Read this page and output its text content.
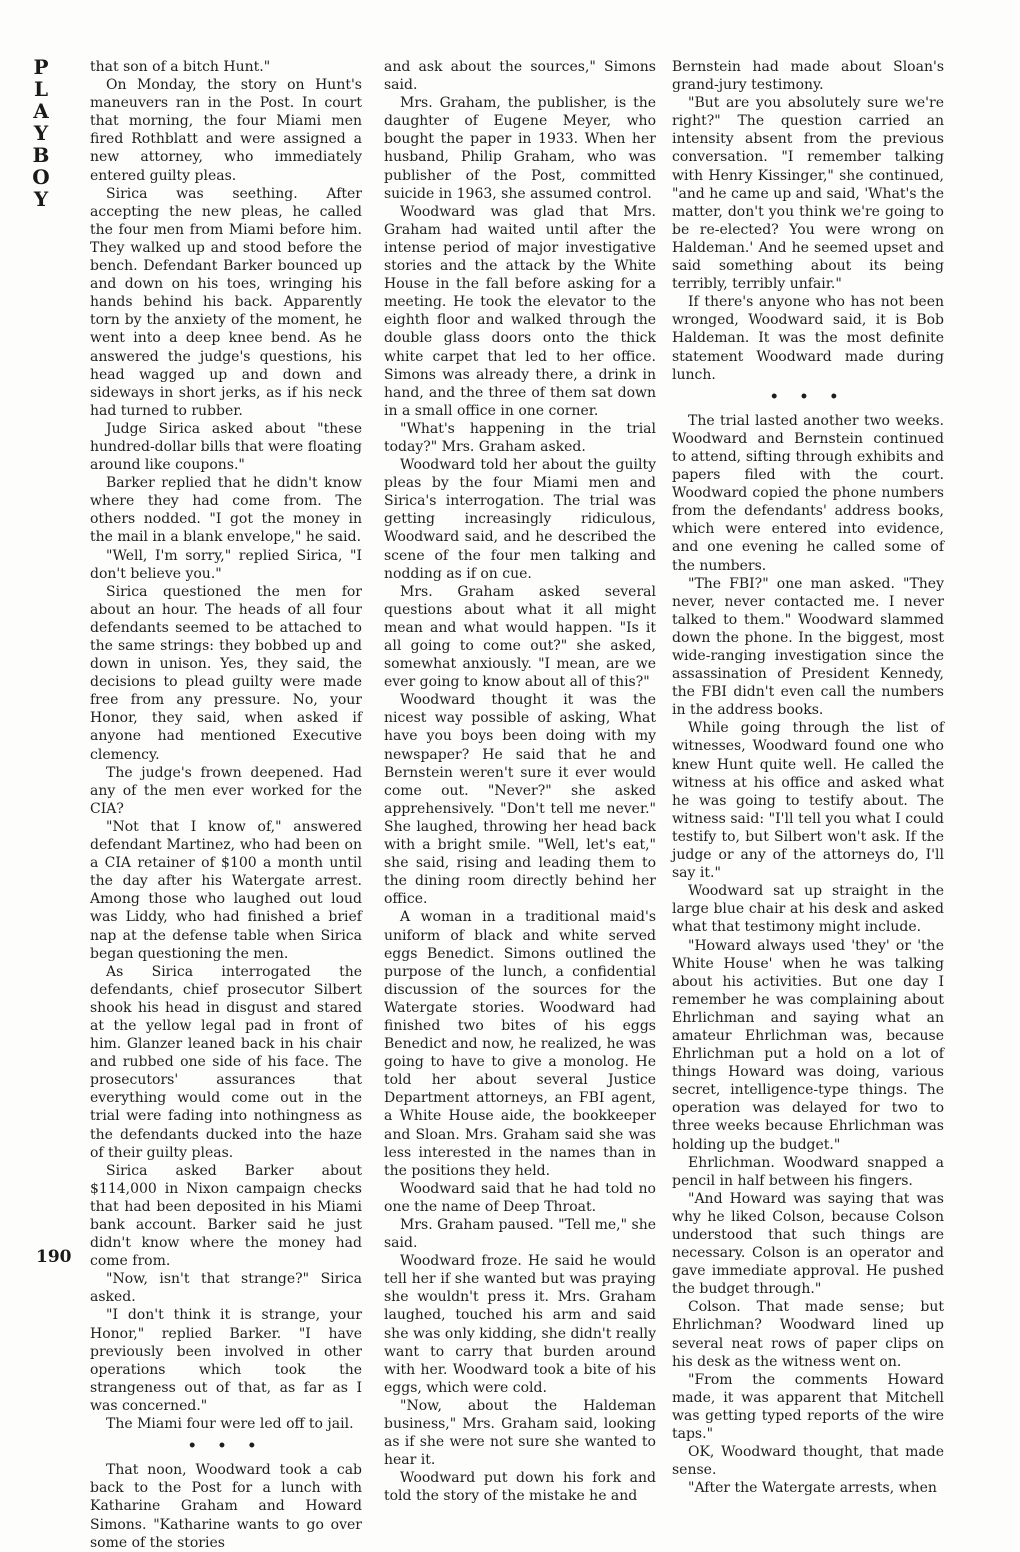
P
L
A
Y
B
O
Y

that son of a bitch Hunt."

On Monday, the story on Hunt's maneuvers ran in the Post. In court that morning, the four Miami men fired Rothblatt and were assigned a new attorney, who immediately entered guilty pleas.

Sirica was seething. After accepting the new pleas, he called the four men from Miami before him. They walked up and stood before the bench. Defendant Barker bounced up and down on his toes, wringing his hands behind his back. Apparently torn by the anxiety of the moment, he went into a deep knee bend. As he answered the judge's questions, his head wagged up and down and sideways in short jerks, as if his neck had turned to rubber.

Judge Sirica asked about "these hundred-dollar bills that were floating around like coupons."

Barker replied that he didn't know where they had come from. The others nodded. "I got the money in the mail in a blank envelope," he said.

"Well, I'm sorry," replied Sirica, "I don't believe you."

Sirica questioned the men for about an hour. The heads of all four defendants seemed to be attached to the same strings: they bobbed up and down in unison. Yes, they said, the decisions to plead guilty were made free from any pressure. No, your Honor, they said, when asked if anyone had mentioned Executive clemency.

The judge's frown deepened. Had any of the men ever worked for the CIA?

"Not that I know of," answered defendant Martinez, who had been on a CIA retainer of $100 a month until the day after his Watergate arrest. Among those who laughed out loud was Liddy, who had finished a brief nap at the defense table when Sirica began questioning the men.

As Sirica interrogated the defendants, chief prosecutor Silbert shook his head in disgust and stared at the yellow legal pad in front of him. Glanzer leaned back in his chair and rubbed one side of his face. The prosecutors' assurances that everything would come out in the trial were fading into nothingness as the defendants ducked into the haze of their guilty pleas.

Sirica asked Barker about $114,000 in Nixon campaign checks that had been deposited in his Miami bank account. Barker said he just didn't know where the money had come from.

"Now, isn't that strange?" Sirica asked.

"I don't think it is strange, your Honor," replied Barker. "I have previously been involved in other operations which took the strangeness out of that, as far as I was concerned."

The Miami four were led off to jail.

• • •

That noon, Woodward took a cab back to the Post for a lunch with Katharine Graham and Howard Simons. "Katharine wants to go over some of the stories

and ask about the sources," Simons said.

Mrs. Graham, the publisher, is the daughter of Eugene Meyer, who bought the paper in 1933. When her husband, Philip Graham, who was publisher of the Post, committed suicide in 1963, she assumed control.

Woodward was glad that Mrs. Graham had waited until after the intense period of major investigative stories and the attack by the White House in the fall before asking for a meeting. He took the elevator to the eighth floor and walked through the double glass doors onto the thick white carpet that led to her office. Simons was already there, a drink in hand, and the three of them sat down in a small office in one corner.

"What's happening in the trial today?" Mrs. Graham asked.

Woodward told her about the guilty pleas by the four Miami men and Sirica's interrogation. The trial was getting increasingly ridiculous, Woodward said, and he described the scene of the four men talking and nodding as if on cue.

Mrs. Graham asked several questions about what it all might mean and what would happen. "Is it all going to come out?" she asked, somewhat anxiously. "I mean, are we ever going to know about all of this?"

Woodward thought it was the nicest way possible of asking, What have you boys been doing with my newspaper? He said that he and Bernstein weren't sure it ever would come out. "Never?" she asked apprehensively. "Don't tell me never." She laughed, throwing her head back with a bright smile. "Well, let's eat," she said, rising and leading them to the dining room directly behind her office.

A woman in a traditional maid's uniform of black and white served eggs Benedict. Simons outlined the purpose of the lunch, a confidential discussion of the sources for the Watergate stories. Woodward had finished two bites of his eggs Benedict and now, he realized, he was going to have to give a monolog. He told her about several Justice Department attorneys, an FBI agent, a White House aide, the bookkeeper and Sloan. Mrs. Graham said she was less interested in the names than in the positions they held.

Woodward said that he had told no one the name of Deep Throat.

Mrs. Graham paused. "Tell me," she said.

Woodward froze. He said he would tell her if she wanted but was praying she wouldn't press it. Mrs. Graham laughed, touched his arm and said she was only kidding, she didn't really want to carry that burden around with her. Woodward took a bite of his eggs, which were cold.

"Now, about the Haldeman business," Mrs. Graham said, looking as if she were not sure she wanted to hear it.

Woodward put down his fork and told the story of the mistake he and

Bernstein had made about Sloan's grand-jury testimony.

"But are you absolutely sure we're right?" The question carried an intensity absent from the previous conversation. "I remember talking with Henry Kissinger," she continued, "and he came up and said, 'What's the matter, don't you think we're going to be re-elected? You were wrong on Haldeman.' And he seemed upset and said something about its being terribly, terribly unfair."

If there's anyone who has not been wronged, Woodward said, it is Bob Haldeman. It was the most definite statement Woodward made during lunch.

• • •

The trial lasted another two weeks. Woodward and Bernstein continued to attend, sifting through exhibits and papers filed with the court. Woodward copied the phone numbers from the defendants' address books, which were entered into evidence, and one evening he called some of the numbers.

"The FBI?" one man asked. "They never, never contacted me. I never talked to them." Woodward slammed down the phone. In the biggest, most wide-ranging investigation since the assassination of President Kennedy, the FBI didn't even call the numbers in the address books.

While going through the list of witnesses, Woodward found one who knew Hunt quite well. He called the witness at his office and asked what he was going to testify about. The witness said: "I'll tell you what I could testify to, but Silbert won't ask. If the judge or any of the attorneys do, I'll say it."

Woodward sat up straight in the large blue chair at his desk and asked what that testimony might include.

"Howard always used 'they' or 'the White House' when he was talking about his activities. But one day I remember he was complaining about Ehrlichman and saying what an amateur Ehrlichman was, because Ehrlichman put a hold on a lot of things Howard was doing, various secret, intelligence-type things. The operation was delayed for two to three weeks because Ehrlichman was holding up the budget."

Ehrlichman. Woodward snapped a pencil in half between his fingers.

"And Howard was saying that was why he liked Colson, because Colson understood that such things are necessary. Colson is an operator and gave immediate approval. He pushed the budget through."

Colson. That made sense; but Ehrlichman? Woodward lined up several neat rows of paper clips on his desk as the witness went on.

"From the comments Howard made, it was apparent that Mitchell was getting typed reports of the wire taps."

OK, Woodward thought, that made sense.

"After the Watergate arrests, when

190
